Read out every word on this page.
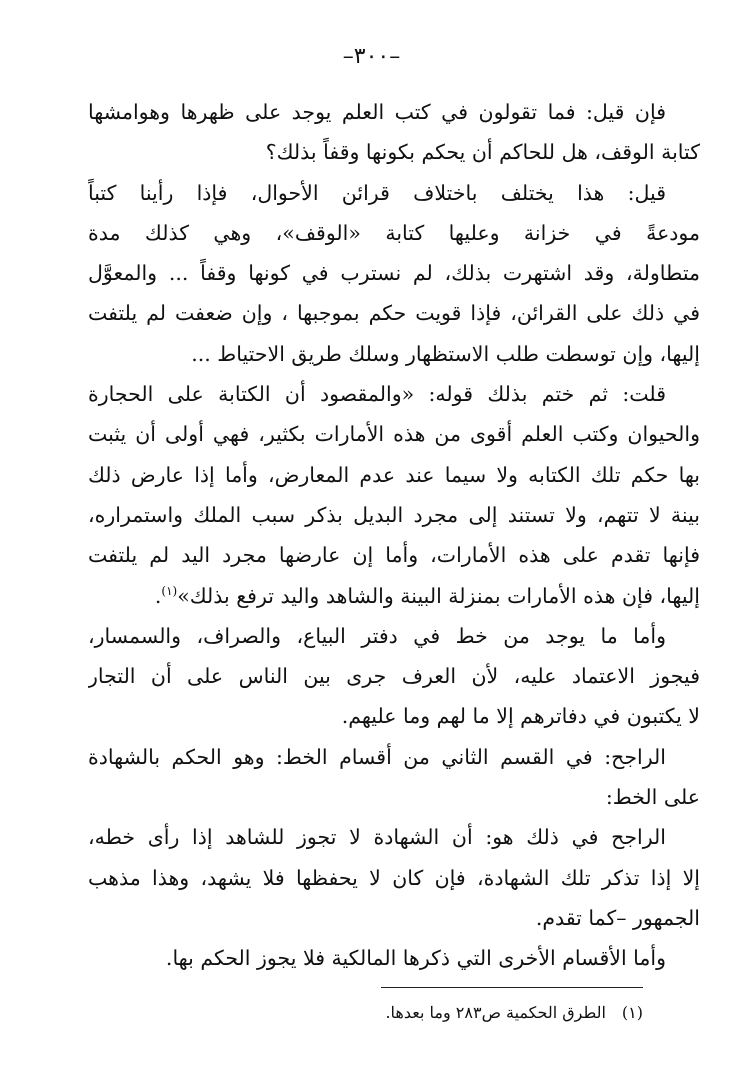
–٣٠٠–

فإن قيل: فما تقولون في كتب العلم يوجد على ظهرها وهوامشها
كتابة الوقف، هل للحاكم أن يحكم بكونها وقفاً بذلك؟

قيل: هذا يختلف باختلاف قرائن الأحوال، فإذا رأينا كتباً
مودعةً في خزانة وعليها كتابة «الوقف»، وهي كذلك مدة
متطاولة، وقد اشتهرت بذلك، لم نسترب في كونها وقفاً ... والمعوَّل
في ذلك على القرائن، فإذا قويت حكم بموجبها ، وإن ضعفت لم يلتفت
إليها، وإن توسطت طلب الاستظهار وسلك طريق الاحتياط ...

قلت: ثم ختم بذلك قوله: «والمقصود أن الكتابة على الحجارة
والحيوان وكتب العلم أقوى من هذه الأمارات بكثير، فهي أولى أن يثبت
بها حكم تلك الكتابه ولا سيما عند عدم المعارض، وأما إذا عارض ذلك
بينة لا تتهم، ولا تستند إلى مجرد البديل بذكر سبب الملك واستمراره،
فإنها تقدم على هذه الأمارات، وأما إن عارضها مجرد اليد لم يلتفت
إليها، فإن هذه الأمارات بمنزلة البينة والشاهد واليد ترفع بذلك»$^{(١)}$.

وأما ما يوجد من خط في دفتر البياع، والصراف، والسمسار،
فيجوز الاعتماد عليه، لأن العرف جرى بين الناس على أن التجار
لا يكتبون في دفاترهم إلا ما لهم وما عليهم.

الراجح: في القسم الثاني من أقسام الخط: وهو الحكم بالشهادة
على الخط:

الراجح في ذلك هو: أن الشهادة لا تجوز للشاهد إذا رأى خطه،
إلا إذا تذكر تلك الشهادة، فإن كان لا يحفظها فلا يشهد، وهذا مذهب
الجمهور –كما تقدم.

وأما الأقسام الأخرى التي ذكرها المالكية فلا يجوز الحكم بها.

(١)الطرق الحكمية ص٢٨٣ وما بعدها.
